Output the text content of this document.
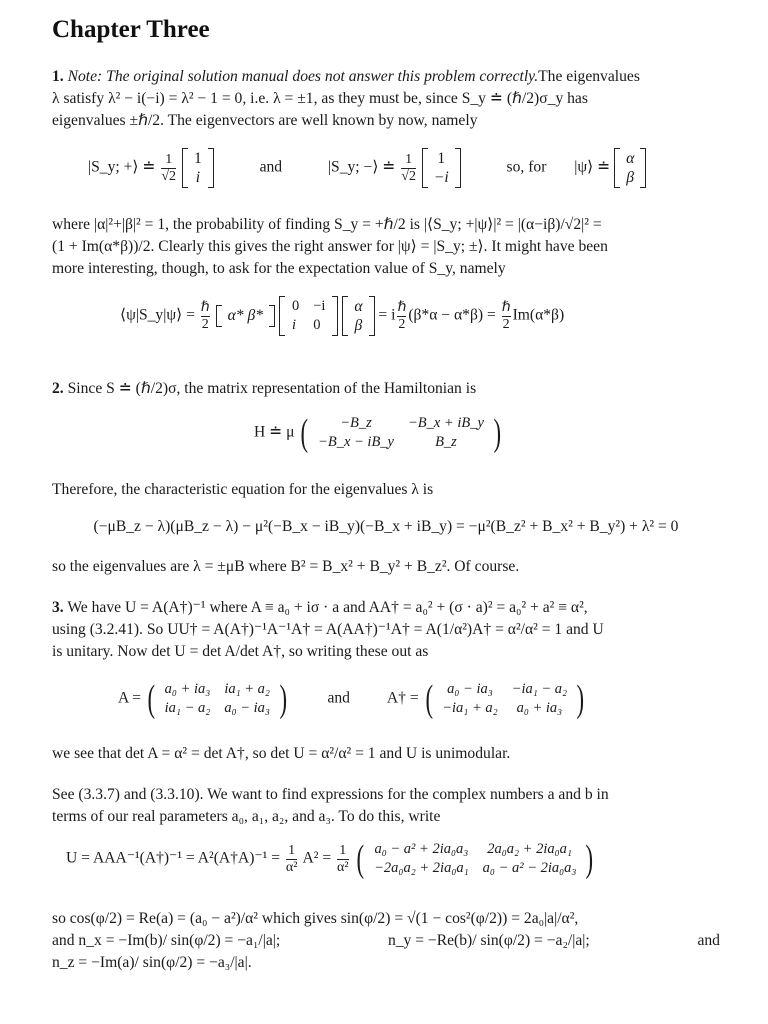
Chapter Three
1. Note: The original solution manual does not answer this problem correctly.The eigenvalues
λ satisfy λ² − i(−i) = λ² − 1 = 0, i.e. λ = ±1, as they must be, since S_y ≐ (ℏ/2)σ_y has
eigenvalues ±ℏ/2. The eigenvectors are well known by now, namely
|S_y; +⟩ ≐ $\frac{1}{√2}$
1
i
and	|S_y; −⟩ ≐ $\frac{1}{√2}$
1
−i
so, for |ψ⟩ ≐
α
β
where |α|²+|β|² = 1, the probability of finding S_y = +ℏ/2 is |⟨S_y; +|ψ⟩|² = |(α−iβ)/√2|² =
(1 + Im(α*β))/2. Clearly this gives the right answer for |ψ⟩ = |S_y; ±⟩. It might have been
more interesting, though, to ask for the expectation value of S_y, namely
⟨ψ|S_y|ψ⟩ = $\frac{\text{ℏ}}{2}$
	α* β*

0	−i
i	0

α
β
= i $\frac{\text{ℏ}}{2} (\beta*\alpha - \alpha*\beta) = \frac{\text{ℏ}}{2} Im(\alpha*\beta)$
2. Since S ≐ (ℏ/2)σ, the matrix representation of the Hamiltonian is
H ≐ μ ( −B_z	−B_x + iB_y
−B_x − iB_y	B_z )
Therefore, the characteristic equation for the eigenvalues λ is
(−μB_z − λ)(μB_z − λ) − μ²(−B_x − iB_y)(−B_x + iB_y) = −μ²(B_z² + B_x² + B_y²) + λ² = 0
so the eigenvalues are λ = ±μB where B² = B_x² + B_y² + B_z². Of course.
3. We have U = A(A†)⁻¹ where A ≡ a₀ + iσ · a and AA† = a₀² + (σ · a)² = a₀² + a² ≡ α²,
using (3.2.41). So UU† = A(A†)⁻¹A⁻¹A† = A(AA†)⁻¹A† = A(1/α²)A† = α²/α² = 1 and U
is unitary. Now det U = det A/det A†, so writing these out as
A = ( a₀ + ia₃	ia₁ + a₂
ia₁ − a₂	a₀ − ia₃ )	and A† = ( a₀ − ia₃	−ia₁ − a₂
−ia₁ + a₂	a₀ + ia₃ )
we see that det A = α² = det A†, so det U = α²/α² = 1 and U is unimodular.
See (3.3.7) and (3.3.10). We want to find expressions for the complex numbers a and b in
terms of our real parameters a₀, a₁, a₂, and a₃. To do this, write
U = AAA⁻¹(A†)⁻¹ = A²(A†A)⁻¹ = $\frac{1}{\text{α²}} A^2 = \frac{1}{\text{α²}}$
( a₀ − a² + 2ia₀a₃	2a₀a₂ + 2ia₀a₁
−2a₀a₂ + 2ia₀a₁	a₀ − a² − 2ia₀a₃ )
so cos(φ/2) = Re(a) = (a₀ − a²)/α² which gives sin(φ/2) = √(1 − cos²(φ/2)) = 2a₀|a|/α²,
and n_x = −Im(b)/ sin(φ/2) = −a₁/|a|;	n_y = −Re(b)/ sin(φ/2) = −a₂/|a|;	and
n_z = −Im(a)/ sin(φ/2) = −a₃/|a|.
